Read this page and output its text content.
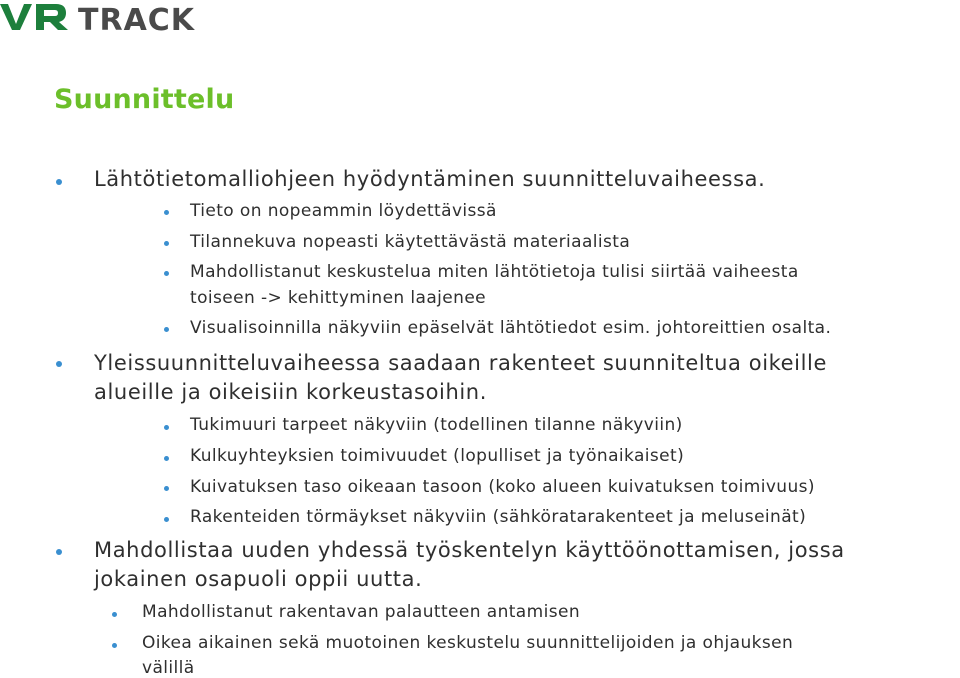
TRACK
Suunnittelu
Lähtötietomalliohjeen hyödyntäminen suunnitteluvaiheessa.
Tieto on nopeammin löydettävissä
Tilannekuva nopeasti käytettävästä materiaalista
Mahdollistanut keskustelua miten lähtötietoja tulisi siirtää vaiheesta
toiseen -> kehittyminen laajenee
Visualisoinnilla näkyviin epäselvät lähtötiedot esim. johtoreittien osalta.
Yleissuunnitteluvaiheessa saadaan rakenteet suunniteltua oikeille
alueille ja oikeisiin korkeustasoihin.
Tukimuuri tarpeet näkyviin (todellinen tilanne näkyviin)
Kulkuyhteyksien toimivuudet (lopulliset ja työnaikaiset)
Kuivatuksen taso oikeaan tasoon (koko alueen kuivatuksen toimivuus)
Rakenteiden törmäykset näkyviin (sähköratarakenteet ja meluseinät)
Mahdollistaa uuden yhdessä työskentelyn käyttöönottamisen, jossa
jokainen osapuoli oppii uutta.
Mahdollistanut rakentavan palautteen antamisen
Oikea aikainen sekä muotoinen keskustelu suunnittelijoiden ja ohjauksen
välillä
